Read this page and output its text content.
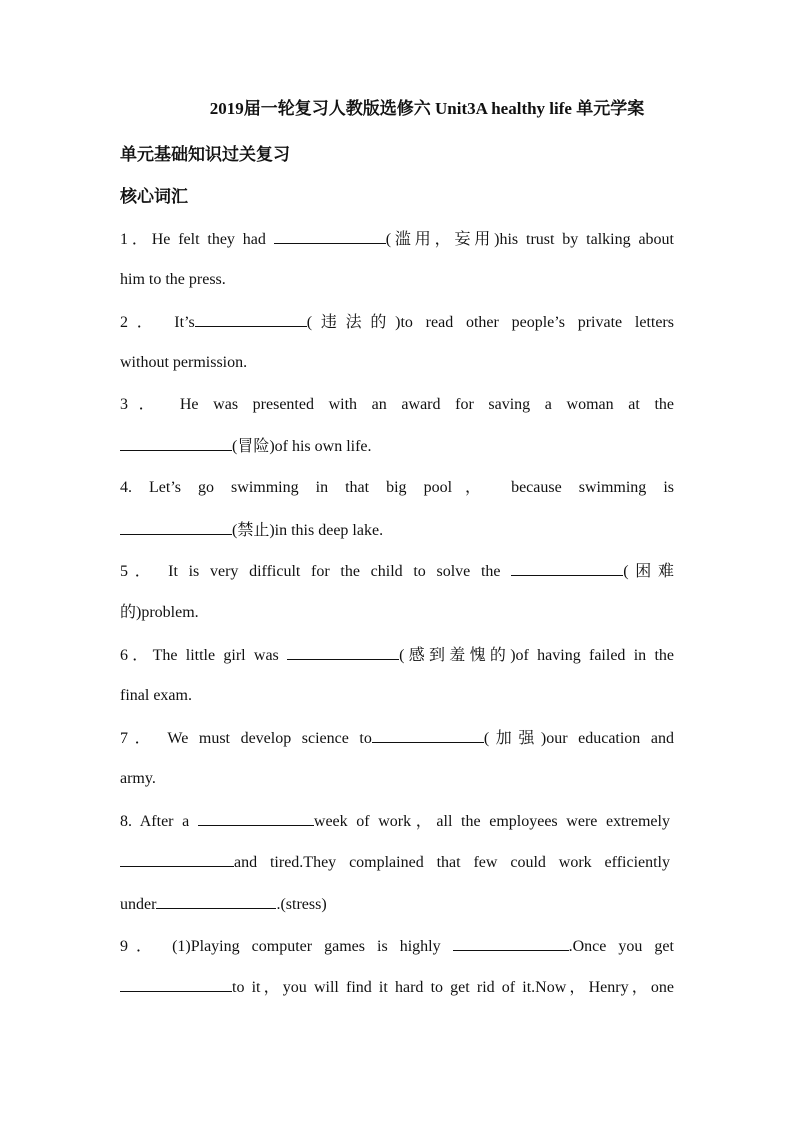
2019届一轮复习人教版选修六 Unit3A healthy life 单元学案
单元基础知识过关复习
核心词汇
1．He felt they had	(滥用，妄用)his trust by talking about
him to the press.
2． It’s	(违法的)to read other people’s private letters
without permission.
3． He was presented with an award for saving a woman at the
(冒险)of his own life.
4. Let’s go swimming in that big pool， because swimming is
(禁止)in this deep lake.
5． It is very difficult for the child to solve the	(困难
的)problem.
6．The little girl was	(感到羞愧的)of having failed in the
final exam.
7． We must develop science to	(加强)our education and
army.
8. After a	week of work，all the employees were extremely
and tired.They complained that few could work efficiently
under	.(stress)
9． (1)Playing computer games is highly	.Once you get
to it，you will find it hard to get rid of it.Now，Henry，one
